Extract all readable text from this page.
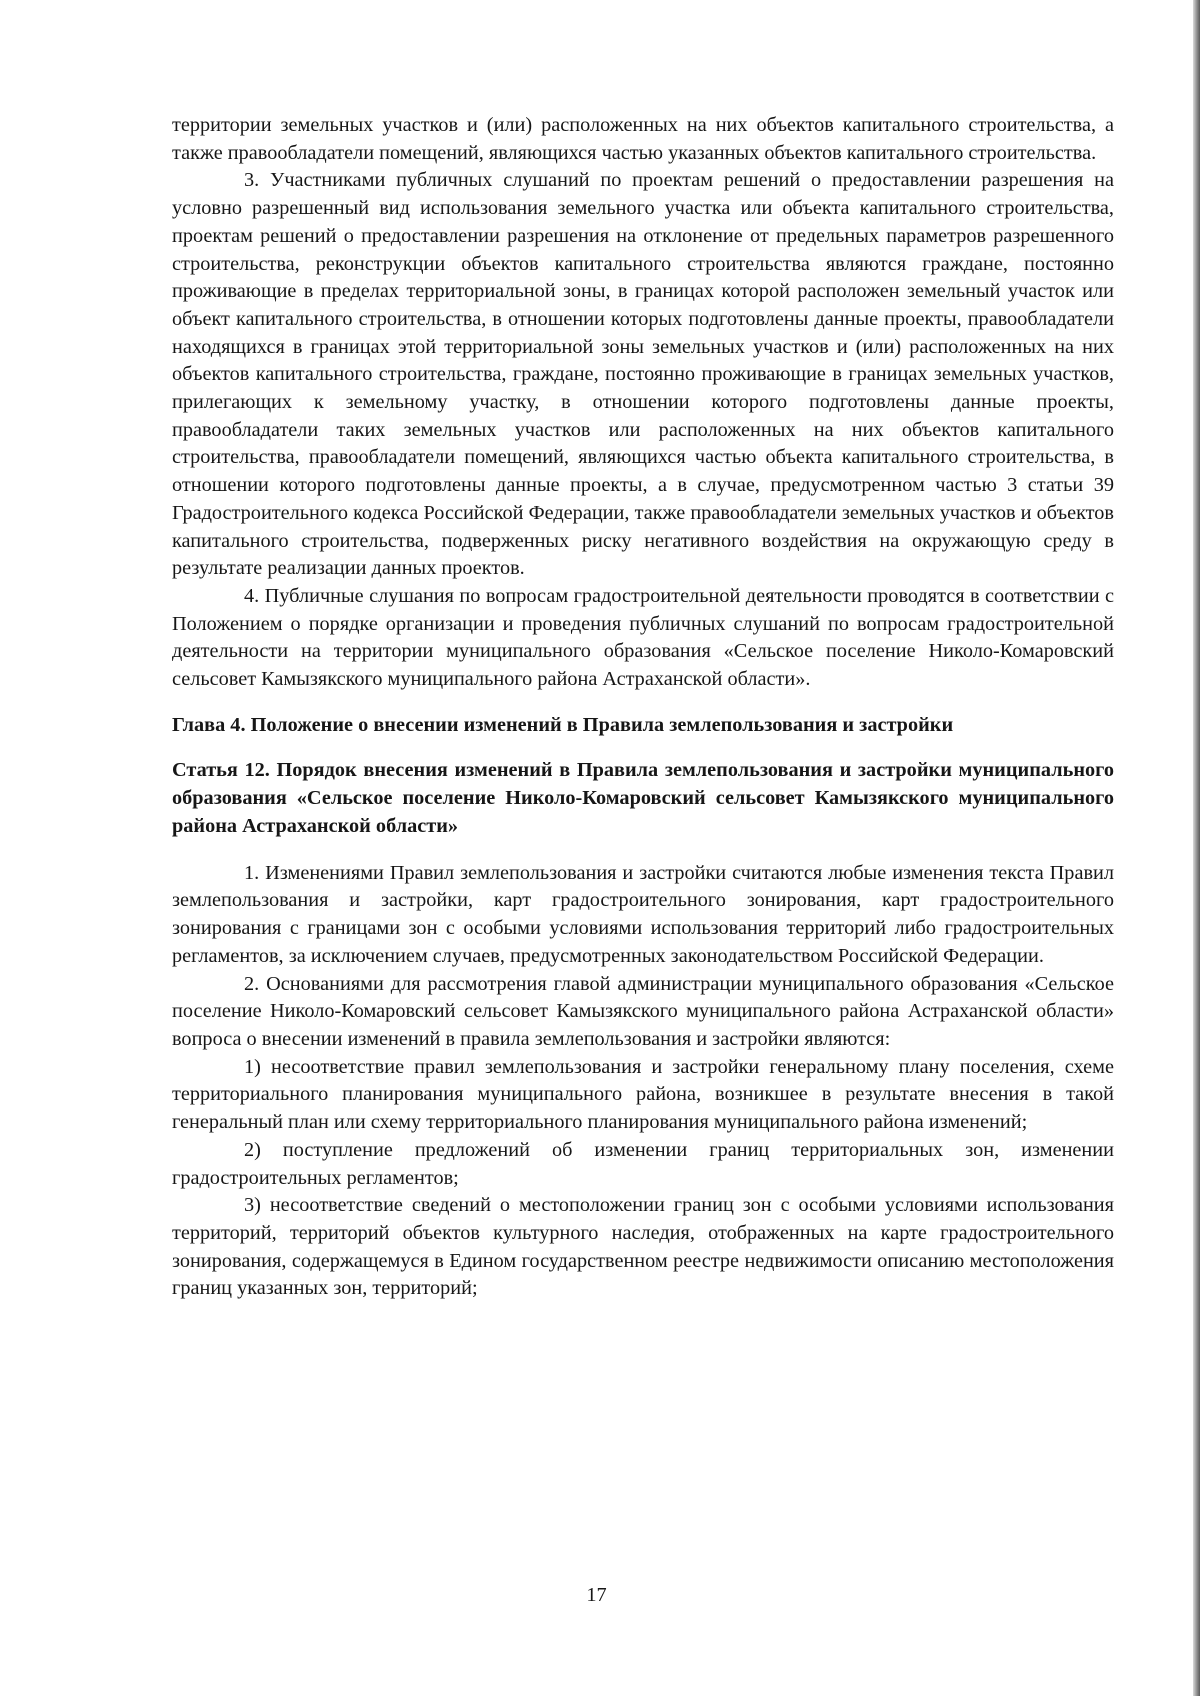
территории земельных участков и (или) расположенных на них объектов капитального строительства, а также правообладатели помещений, являющихся частью указанных объектов капитального строительства.

3. Участниками публичных слушаний по проектам решений о предоставлении разрешения на условно разрешенный вид использования земельного участка или объекта капитального строительства, проектам решений о предоставлении разрешения на отклонение от предельных параметров разрешенного строительства, реконструкции объектов капитального строительства являются граждане, постоянно проживающие в пределах территориальной зоны, в границах которой расположен земельный участок или объект капитального строительства, в отношении которых подготовлены данные проекты, правообладатели находящихся в границах этой территориальной зоны земельных участков и (или) расположенных на них объектов капитального строительства, граждане, постоянно проживающие в границах земельных участков, прилегающих к земельному участку, в отношении которого подготовлены данные проекты, правообладатели таких земельных участков или расположенных на них объектов капитального строительства, правообладатели помещений, являющихся частью объекта капитального строительства, в отношении которого подготовлены данные проекты, а в случае, предусмотренном частью 3 статьи 39 Градостроительного кодекса Российской Федерации, также правообладатели земельных участков и объектов капитального строительства, подверженных риску негативного воздействия на окружающую среду в результате реализации данных проектов.

4. Публичные слушания по вопросам градостроительной деятельности проводятся в соответствии с Положением о порядке организации и проведения публичных слушаний по вопросам градостроительной деятельности на территории муниципального образования «Сельское поселение Николо-Комаровский сельсовет Камызякского муниципального района Астраханской области».

Глава 4. Положение о внесении изменений в Правила землепользования и застройки
Статья 12. Порядок внесения изменений в Правила землепользования и застройки муниципального образования «Сельское поселение Николо-Комаровский сельсовет Камызякского муниципального района Астраханской области»

1. Изменениями Правил землепользования и застройки считаются любые изменения текста Правил землепользования и застройки, карт градостроительного зонирования, карт градостроительного зонирования с границами зон с особыми условиями использования территорий либо градостроительных регламентов, за исключением случаев, предусмотренных законодательством Российской Федерации.

2. Основаниями для рассмотрения главой администрации муниципального образования «Сельское поселение Николо-Комаровский сельсовет Камызякского муниципального района Астраханской области» вопроса о внесении изменений в правила землепользования и застройки являются:

1) несоответствие правил землепользования и застройки генеральному плану поселения, схеме территориального планирования муниципального района, возникшее в результате внесения в такой генеральный план или схему территориального планирования муниципального района изменений;

2) поступление предложений об изменении границ территориальных зон, изменении градостроительных регламентов;

3) несоответствие сведений о местоположении границ зон с особыми условиями использования территорий, территорий объектов культурного наследия, отображенных на карте градостроительного зонирования, содержащемуся в Едином государственном реестре недвижимости описанию местоположения границ указанных зон, территорий;

17
